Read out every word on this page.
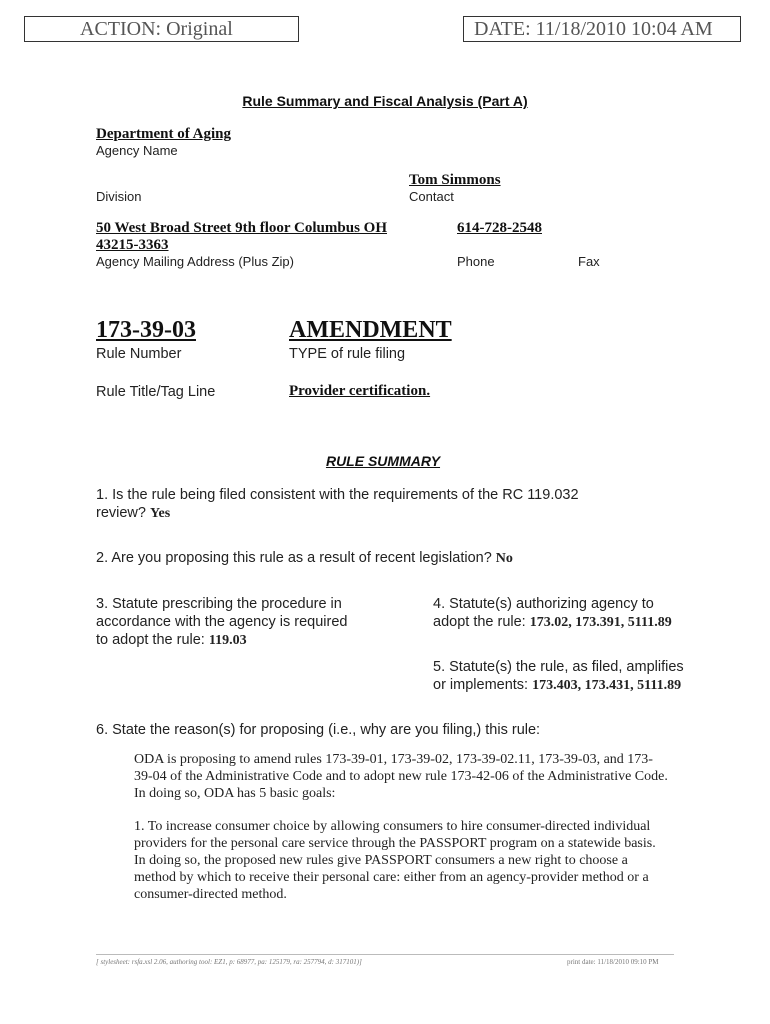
ACTION: Original	DATE: 11/18/2010 10:04 AM
Rule Summary and Fiscal Analysis (Part A)
Department of Aging
Agency Name
Tom Simmons
Division	Contact
50 West Broad Street 9th floor Columbus OH
43215-3363
614-728-2548
Agency Mailing Address (Plus Zip)	Phone	Fax
173-39-03	AMENDMENT
Rule Number	TYPE of rule filing
Rule Title/Tag Line	Provider certification.
RULE SUMMARY
1. Is the rule being filed consistent with the requirements of the RC 119.032
review? Yes
2. Are you proposing this rule as a result of recent legislation? No
3. Statute prescribing the procedure in
accordance with the agency is required
to adopt the rule: 119.03
4. Statute(s) authorizing agency to
adopt the rule: 173.02, 173.391, 5111.89
5. Statute(s) the rule, as filed, amplifies
or implements: 173.403, 173.431, 5111.89
6. State the reason(s) for proposing (i.e., why are you filing,) this rule:
ODA is proposing to amend rules 173-39-01, 173-39-02, 173-39-02.11, 173-39-03, and 173-39-04 of the Administrative Code and to adopt new rule 173-42-06 of the Administrative Code. In doing so, ODA has 5 basic goals:
1. To increase consumer choice by allowing consumers to hire consumer-directed individual providers for the personal care service through the PASSPORT program on a statewide basis. In doing so, the proposed new rules give PASSPORT consumers a new right to choose a method by which to receive their personal care: either from an agency-provider method or a consumer-directed method.
[ stylesheet: rsfa.xsl 2.06, authoring tool: EZ1, p: 68977, pa: 125179, ra: 257794, d: 317101)]	print date: 11/18/2010 09:10 PM
